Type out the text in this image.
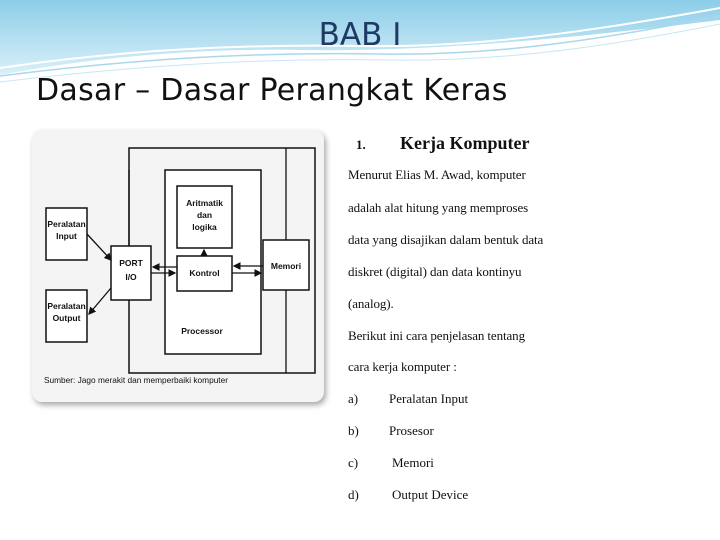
BAB I
Dasar – Dasar Perangkat Keras
Peralatan
Input
Peralatan
Output
PORT
I/O
Aritmatik
dan
logika
Kontrol
Memori
Processor
Sumber: Jago merakit dan memperbaiki komputer
1. Kerja Komputer
Menurut Elias M. Awad, komputer
adalah alat hitung yang memproses
data yang disajikan dalam bentuk data
diskret (digital) dan data kontinyu
(analog).
Berikut ini cara penjelasan tentang
cara kerja komputer :
a) Peralatan Input
b) Prosesor
c)	Memori
d)	Output Device
